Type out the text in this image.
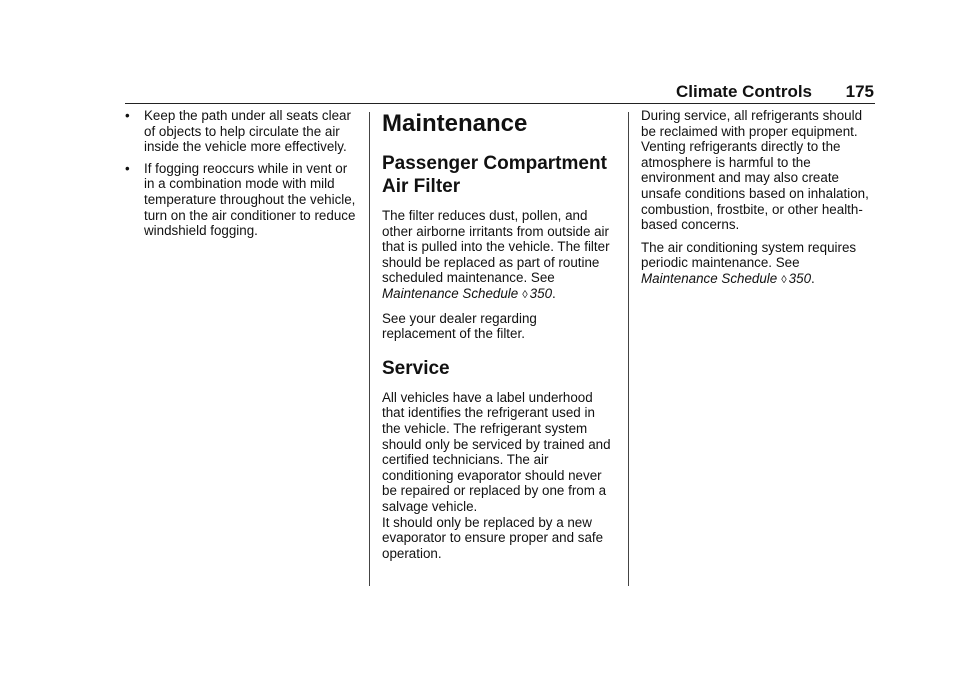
Climate Controls 175
• Keep the path under all seats clear of objects to help circulate the air inside the vehicle more effectively.
• If fogging reoccurs while in vent or in a combination mode with mild temperature throughout the vehicle, turn on the air conditioner to reduce windshield fogging.
Maintenance
Passenger Compartment Air Filter

The filter reduces dust, pollen, and other airborne irritants from outside air that is pulled into the vehicle. The filter should be replaced as part of routine scheduled maintenance. See Maintenance Schedule ◊ 350.

See your dealer regarding replacement of the filter.

Service

All vehicles have a label underhood that identifies the refrigerant used in the vehicle. The refrigerant system should only be serviced by trained and certified technicians. The air conditioning evaporator should never be repaired or replaced by one from a salvage vehicle.

It should only be replaced by a new evaporator to ensure proper and safe operation.

During service, all refrigerants should be reclaimed with proper equipment. Venting refrigerants directly to the atmosphere is harmful to the environment and may also create unsafe conditions based on inhalation, combustion, frostbite, or other health-based concerns.

The air conditioning system requires periodic maintenance. See Maintenance Schedule ◊ 350.
